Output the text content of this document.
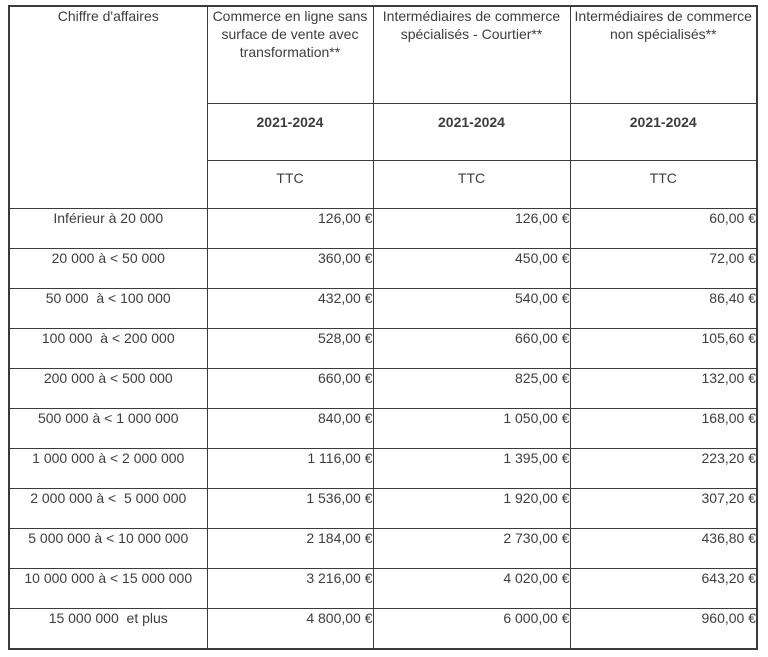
Chiffre d'affaires	Commerce en ligne sans surface de vente avec transformation**	Intermédiaires de commerce spécialisés - Courtier**	Intermédiaires de commerce non spécialisés**
	2021-2024	2021-2024	2021-2024
	TTC	TTC	TTC
Inférieur à 20 000	126,00 €	126,00 €	60,00 €
20 000 à < 50 000	360,00 €	450,00 €	72,00 €
50 000  à < 100 000	432,00 €	540,00 €	86,40 €
100 000  à < 200 000	528,00 €	660,00 €	105,60 €
200 000 à < 500 000	660,00 €	825,00 €	132,00 €
500 000 à < 1 000 000	840,00 €	1 050,00 €	168,00 €
1 000 000 à < 2 000 000	1 116,00 €	1 395,00 €	223,20 €
2 000 000 à <  5 000 000	1 536,00 €	1 920,00 €	307,20 €
5 000 000 à < 10 000 000	2 184,00 €	2 730,00 €	436,80 €
10 000 000 à < 15 000 000	3 216,00 €	4 020,00 €	643,20 €
15 000 000  et plus	4 800,00 €	6 000,00 €	960,00 €
